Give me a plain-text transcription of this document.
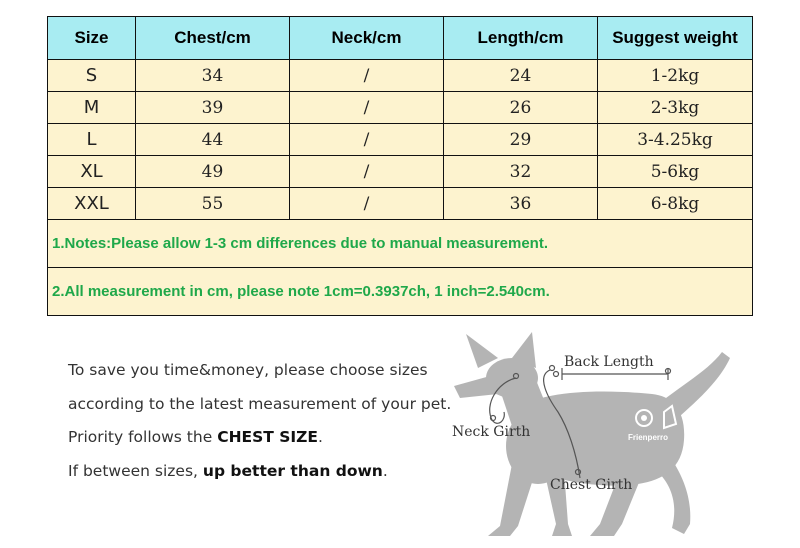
Size	Chest/cm	Neck/cm	Length/cm	Suggest weight
S	34	/	24	1-2kg
M	39	/	26	2-3kg
L	44	/	29	3-4.25kg
XL	49	/	32	5-6kg
XXL	55	/	36	6-8kg
1.Notes:Please allow 1-3 cm differences due to manual measurement.				
2.All measurement in cm, please note 1cm=0.3937ch, 1 inch=2.540cm.				
To save you time&money, please choose sizes
according to the latest measurement of your pet.
Priority follows the CHEST SIZE.
If between sizes, up better than down.
Back Length
Neck Girth
Chest Girth
Frienperro
